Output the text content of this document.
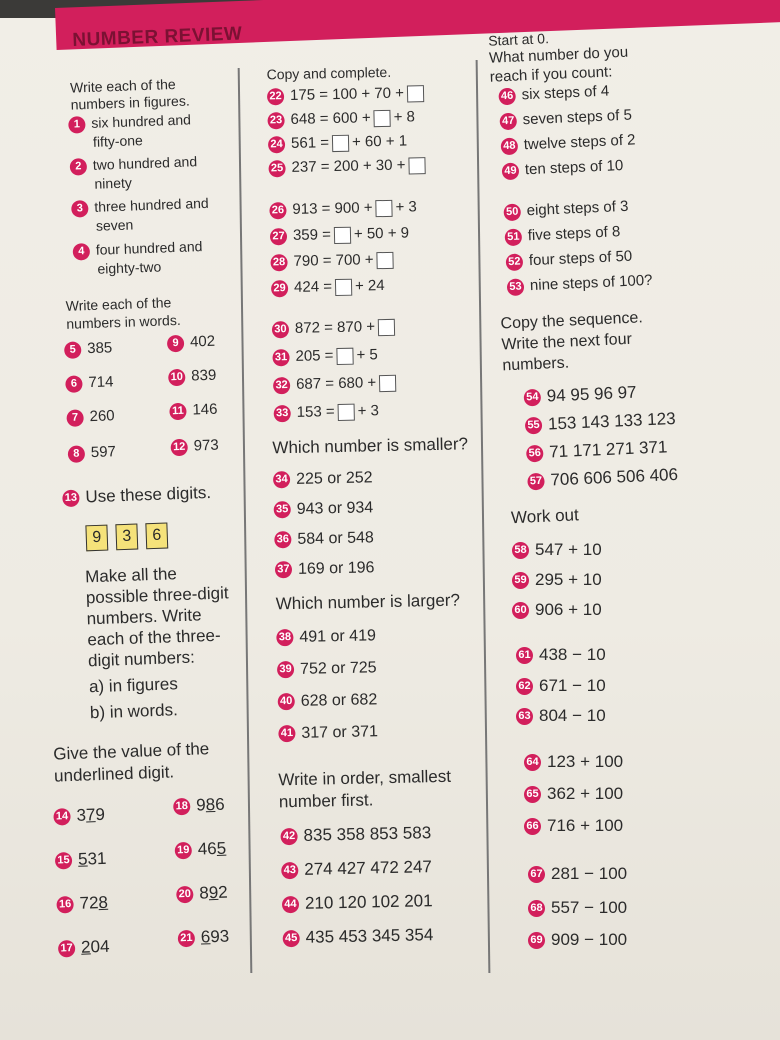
NUMBER REVIEW
Write each of the
numbers in figures.
1 six hundred and
fifty-one
2 two hundred and
ninety
3 three hundred and
seven
4 four hundred and
eighty-two
Write each of the
numbers in words.
5 385	9 402
6 714	10 839
7 260	11 146
8 597	12 973
13 Use these digits.
9 3 6
Make all the
possible three-digit
numbers. Write
each of the three-
digit numbers:
a) in figures
b) in words.
Give the value of the
underlined digit.
14 379	18 986
15 531	19 465
16 728	20 892
17 204	21 693
Copy and complete.
22 175 = 100 + 70 +
23 648 = 600 + + 8
24 561 = + 60 + 1
25 237 = 200 + 30 +
26 913 = 900 + + 3
27 359 = + 50 + 9
28 790 = 700 +
29 424 = + 24
30 872 = 870 +
31 205 = + 5
32 687 = 680 +
33 153 = + 3
Which number is smaller?
34 225 or 252
35 943 or 934
36 584 or 548
37 169 or 196
Which number is larger?
38 491 or 419
39 752 or 725
40 628 or 682
41 317 or 371
Write in order, smallest
number first.
42 835 358 853 583
43 274 427 472 247
44 210 120 102 201
45 435 453 345 354
Start at 0.
What number do you
reach if you count:
46 six steps of 4
47 seven steps of 5
48 twelve steps of 2
49 ten steps of 10
50 eight steps of 3
51 five steps of 8
52 four steps of 50
53 nine steps of 100?
Copy the sequence.
Write the next four
numbers.
54 94 95 96 97
55 153 143 133 123
56 71 171 271 371
57 706 606 506 406
Work out
58 547 + 10
59 295 + 10
60 906 + 10
61 438 − 10
62 671 − 10
63 804 − 10
64 123 + 100
65 362 + 100
66 716 + 100
67 281 − 100
68 557 − 100
69 909 − 100
